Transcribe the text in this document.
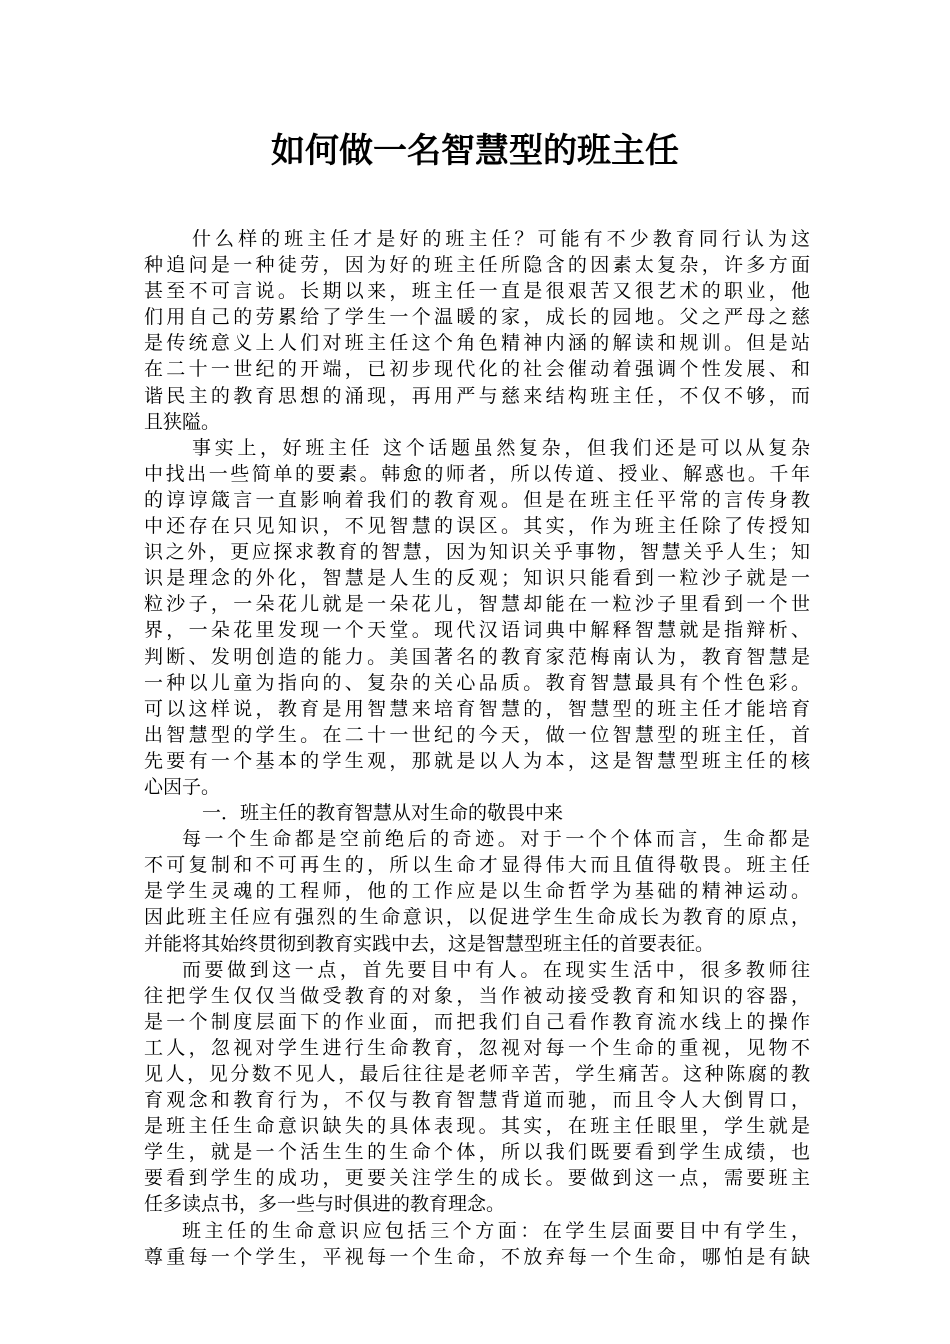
如何做一名智慧型的班主任
什么样的班主任才是好的班主任？可能有不少教育同行认为这
种追问是一种徒劳，因为好的班主任所隐含的因素太复杂，许多方面
甚至不可言说。长期以来，班主任一直是很艰苦又很艺术的职业，他
们用自己的劳累给了学生一个温暖的家，成长的园地。父之严母之慈
是传统意义上人们对班主任这个角色精神内涵的解读和规训。但是站
在二十一世纪的开端，已初步现代化的社会催动着强调个性发展、和
谐民主的教育思想的涌现，再用严与慈来结构班主任，不仅不够，而
且狭隘。
事实上，好班主任 这个话题虽然复杂，但我们还是可以从复杂
中找出一些简单的要素。韩愈的师者，所以传道、授业、解惑也。千年
的谆谆箴言一直影响着我们的教育观。但是在班主任平常的言传身教
中还存在只见知识，不见智慧的误区。其实，作为班主任除了传授知
识之外，更应探求教育的智慧，因为知识关乎事物，智慧关乎人生；知
识是理念的外化，智慧是人生的反观；知识只能看到一粒沙子就是一
粒沙子，一朵花儿就是一朵花儿，智慧却能在一粒沙子里看到一个世
界，一朵花里发现一个天堂。现代汉语词典中解释智慧就是指辩析、
判断、发明创造的能力。美国著名的教育家范梅南认为，教育智慧是
一种以儿童为指向的、复杂的关心品质。教育智慧最具有个性色彩。
可以这样说，教育是用智慧来培育智慧的，智慧型的班主任才能培育
出智慧型的学生。在二十一世纪的今天，做一位智慧型的班主任，首
先要有一个基本的学生观，那就是以人为本，这是智慧型班主任的核
心因子。
一．班主任的教育智慧从对生命的敬畏中来
每一个生命都是空前绝后的奇迹。对于一个个体而言，生命都是
不可复制和不可再生的，所以生命才显得伟大而且值得敬畏。班主任
是学生灵魂的工程师，他的工作应是以生命哲学为基础的精神运动。
因此班主任应有强烈的生命意识，以促进学生生命成长为教育的原点，
并能将其始终贯彻到教育实践中去，这是智慧型班主任的首要表征。
而要做到这一点，首先要目中有人。在现实生活中，很多教师往
往把学生仅仅当做受教育的对象，当作被动接受教育和知识的容器，
是一个制度层面下的作业面，而把我们自己看作教育流水线上的操作
工人，忽视对学生进行生命教育，忽视对每一个生命的重视，见物不
见人，见分数不见人，最后往往是老师辛苦，学生痛苦。这种陈腐的教
育观念和教育行为，不仅与教育智慧背道而驰，而且令人大倒胃口，
是班主任生命意识缺失的具体表现。其实，在班主任眼里，学生就是
学生，就是一个活生生的生命个体，所以我们既要看到学生成绩，也
要看到学生的成功，更要关注学生的成长。要做到这一点，需要班主
任多读点书，多一些与时俱进的教育理念。
班主任的生命意识应包括三个方面：在学生层面要目中有学生，
尊重每一个学生，平视每一个生命，不放弃每一个生命，哪怕是有缺
